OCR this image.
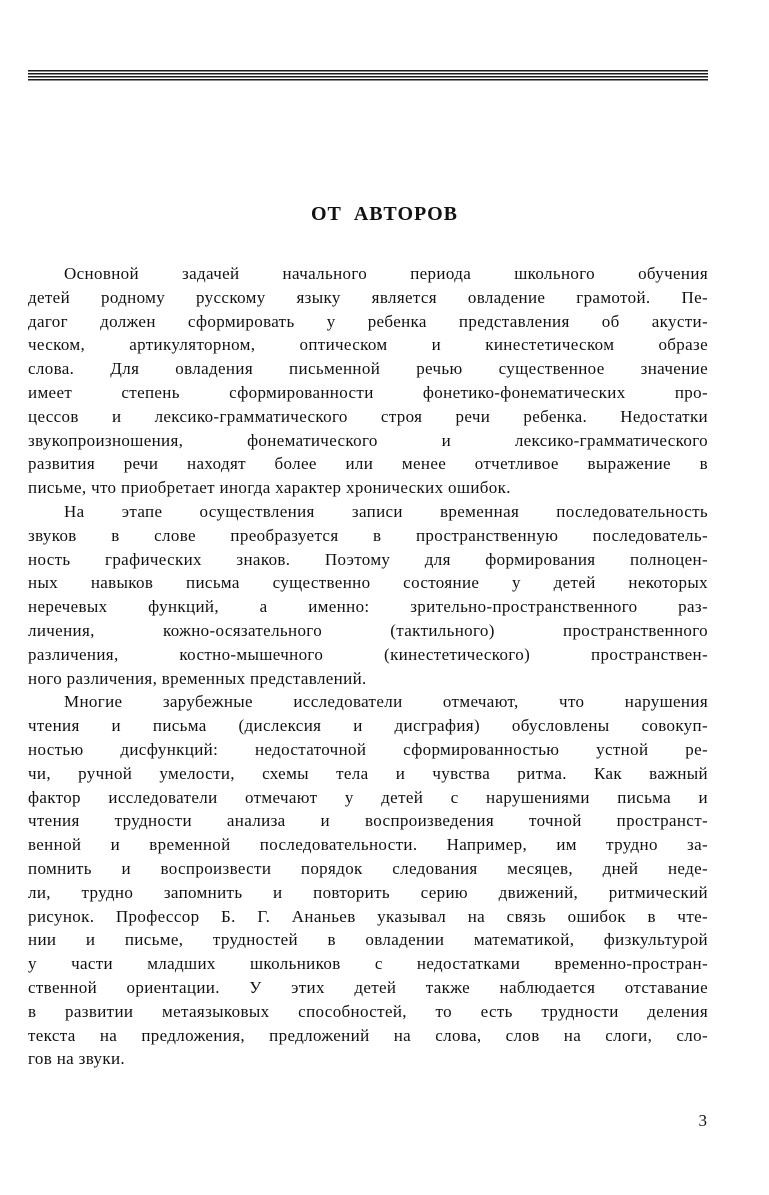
ОТ АВТОРОВ
Основной задачей начального периода школьного обучения
детей родному русскому языку является овладение грамотой. Пе-
дагог должен сформировать у ребенка представления об акусти-
ческом, артикуляторном, оптическом и кинестетическом образе
слова. Для овладения письменной речью существенное значение
имеет степень сформированности фонетико-фонематических про-
цессов и лексико-грамматического строя речи ребенка. Недостатки
звукопроизношения, фонематического и лексико-грамматического
развития речи находят более или менее отчетливое выражение в
письме, что приобретает иногда характер хронических ошибок.
На этапе осуществления записи временная последовательность
звуков в слове преобразуется в пространственную последователь-
ность графических знаков. Поэтому для формирования полноцен-
ных навыков письма существенно состояние у детей некоторых
неречевых функций, а именно: зрительно-пространственного раз-
личения, кожно-осязательного (тактильного) пространственного
различения, костно-мышечного (кинестетического) пространствен-
ного различения, временных представлений.
Многие зарубежные исследователи отмечают, что нарушения
чтения и письма (дислексия и дисграфия) обусловлены совокуп-
ностью дисфункций: недостаточной сформированностью устной ре-
чи, ручной умелости, схемы тела и чувства ритма. Как важный
фактор исследователи отмечают у детей с нарушениями письма и
чтения трудности анализа и воспроизведения точной пространст-
венной и временной последовательности. Например, им трудно за-
помнить и воспроизвести порядок следования месяцев, дней неде-
ли, трудно запомнить и повторить серию движений, ритмический
рисунок. Профессор Б. Г. Ананьев указывал на связь ошибок в чте-
нии и письме, трудностей в овладении математикой, физкультурой
у части младших школьников с недостатками временно-простран-
ственной ориентации. У этих детей также наблюдается отставание
в развитии метаязыковых способностей, то есть трудности деления
текста на предложения, предложений на слова, слов на слоги, сло-
гов на звуки.
3
